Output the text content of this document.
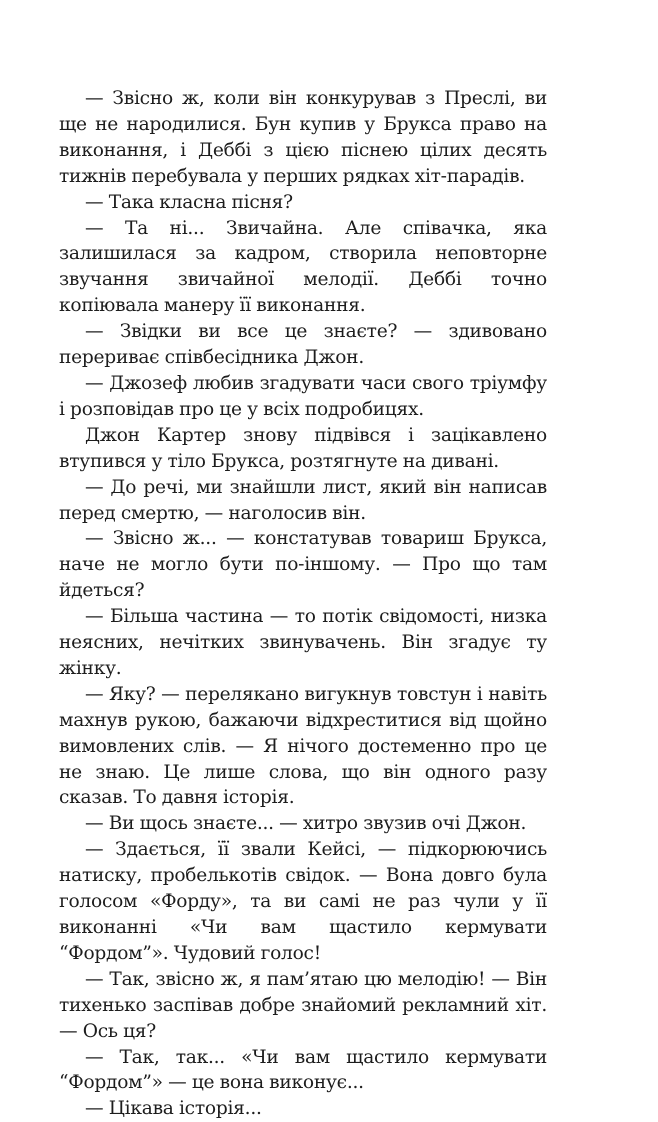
— Звісно ж, коли він конкурував з Преслі, ви ще не народилися. Бун купив у Брукса право на виконання, і Деббі з цією піснею цілих десять тижнів перебувала у перших рядках хіт-парадів.

— Така класна пісня?

— Та ні... Звичайна. Але співачка, яка залишилася за кадром, створила неповторне звучання звичайної мелодії. Деббі точно копіювала манеру її виконання.

— Звідки ви все це знаєте? — здивовано перериває співбесідника Джон.

— Джозеф любив згадувати часи свого тріумфу і розповідав про це у всіх подробицях.

Джон Картер знову підвівся і зацікавлено втупився у тіло Брукса, розтягнуте на дивані.

— До речі, ми знайшли лист, який він написав перед смертю, — наголосив він.

— Звісно ж... — констатував товариш Брукса, наче не могло бути по-іншому. — Про що там йдеться?

— Більша частина — то потік свідомості, низка неясних, нечітких звинувачень. Він згадує ту жінку.

— Яку? — перелякано вигукнув товстун і навіть махнув рукою, бажаючи відхреститися від щойно вимовлених слів. — Я нічого достеменно про це не знаю. Це лише слова, що він одного разу сказав. То давня історія.

— Ви щось знаєте... — хитро звузив очі Джон.

— Здається, її звали Кейсі, — підкорюючись натиску, пробелькотів свідок. — Вона довго була голосом «Форду», та ви самі не раз чули у її виконанні «Чи вам щастило кермувати “Фордом”». Чудовий голос!

— Так, звісно ж, я пам’ятаю цю мелодію! — Він тихенько заспівав добре знайомий рекламний хіт. — Ось ця?

— Так, так... «Чи вам щастило кермувати “Фордом”» — це вона виконує...

— Цікава історія...
